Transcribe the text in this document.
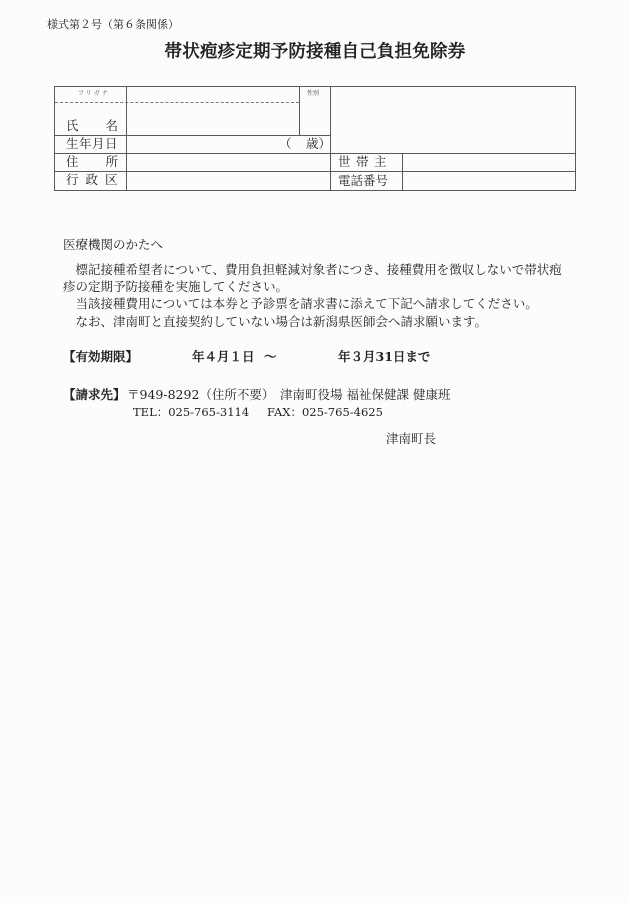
様式第２号（第６条関係）
帯状疱疹定期予防接種自己負担免除券
フリガナ	性別
氏名
生年月日	（ 歳）
住所	世帯主
行政区	電話番号
医療機関のかたへ
　標記接種希望者について、費用負担軽減対象者につき、接種費用を徴収しないで帯状疱
疹の定期予防接種を実施してください。
　当該接種費用については本券と予診票を請求書に添えて下記へ請求してください。
　なお、津南町と直接契約していない場合は新潟県医師会へ請求願います。
【有効期限】	年４月１日 ～	年３月31日まで
【請求先】 〒949-8292（住所不要） 津南町役場 福祉保健課 健康班
TEL：025-765-3114 FAX：025-765-4625
津南町長
